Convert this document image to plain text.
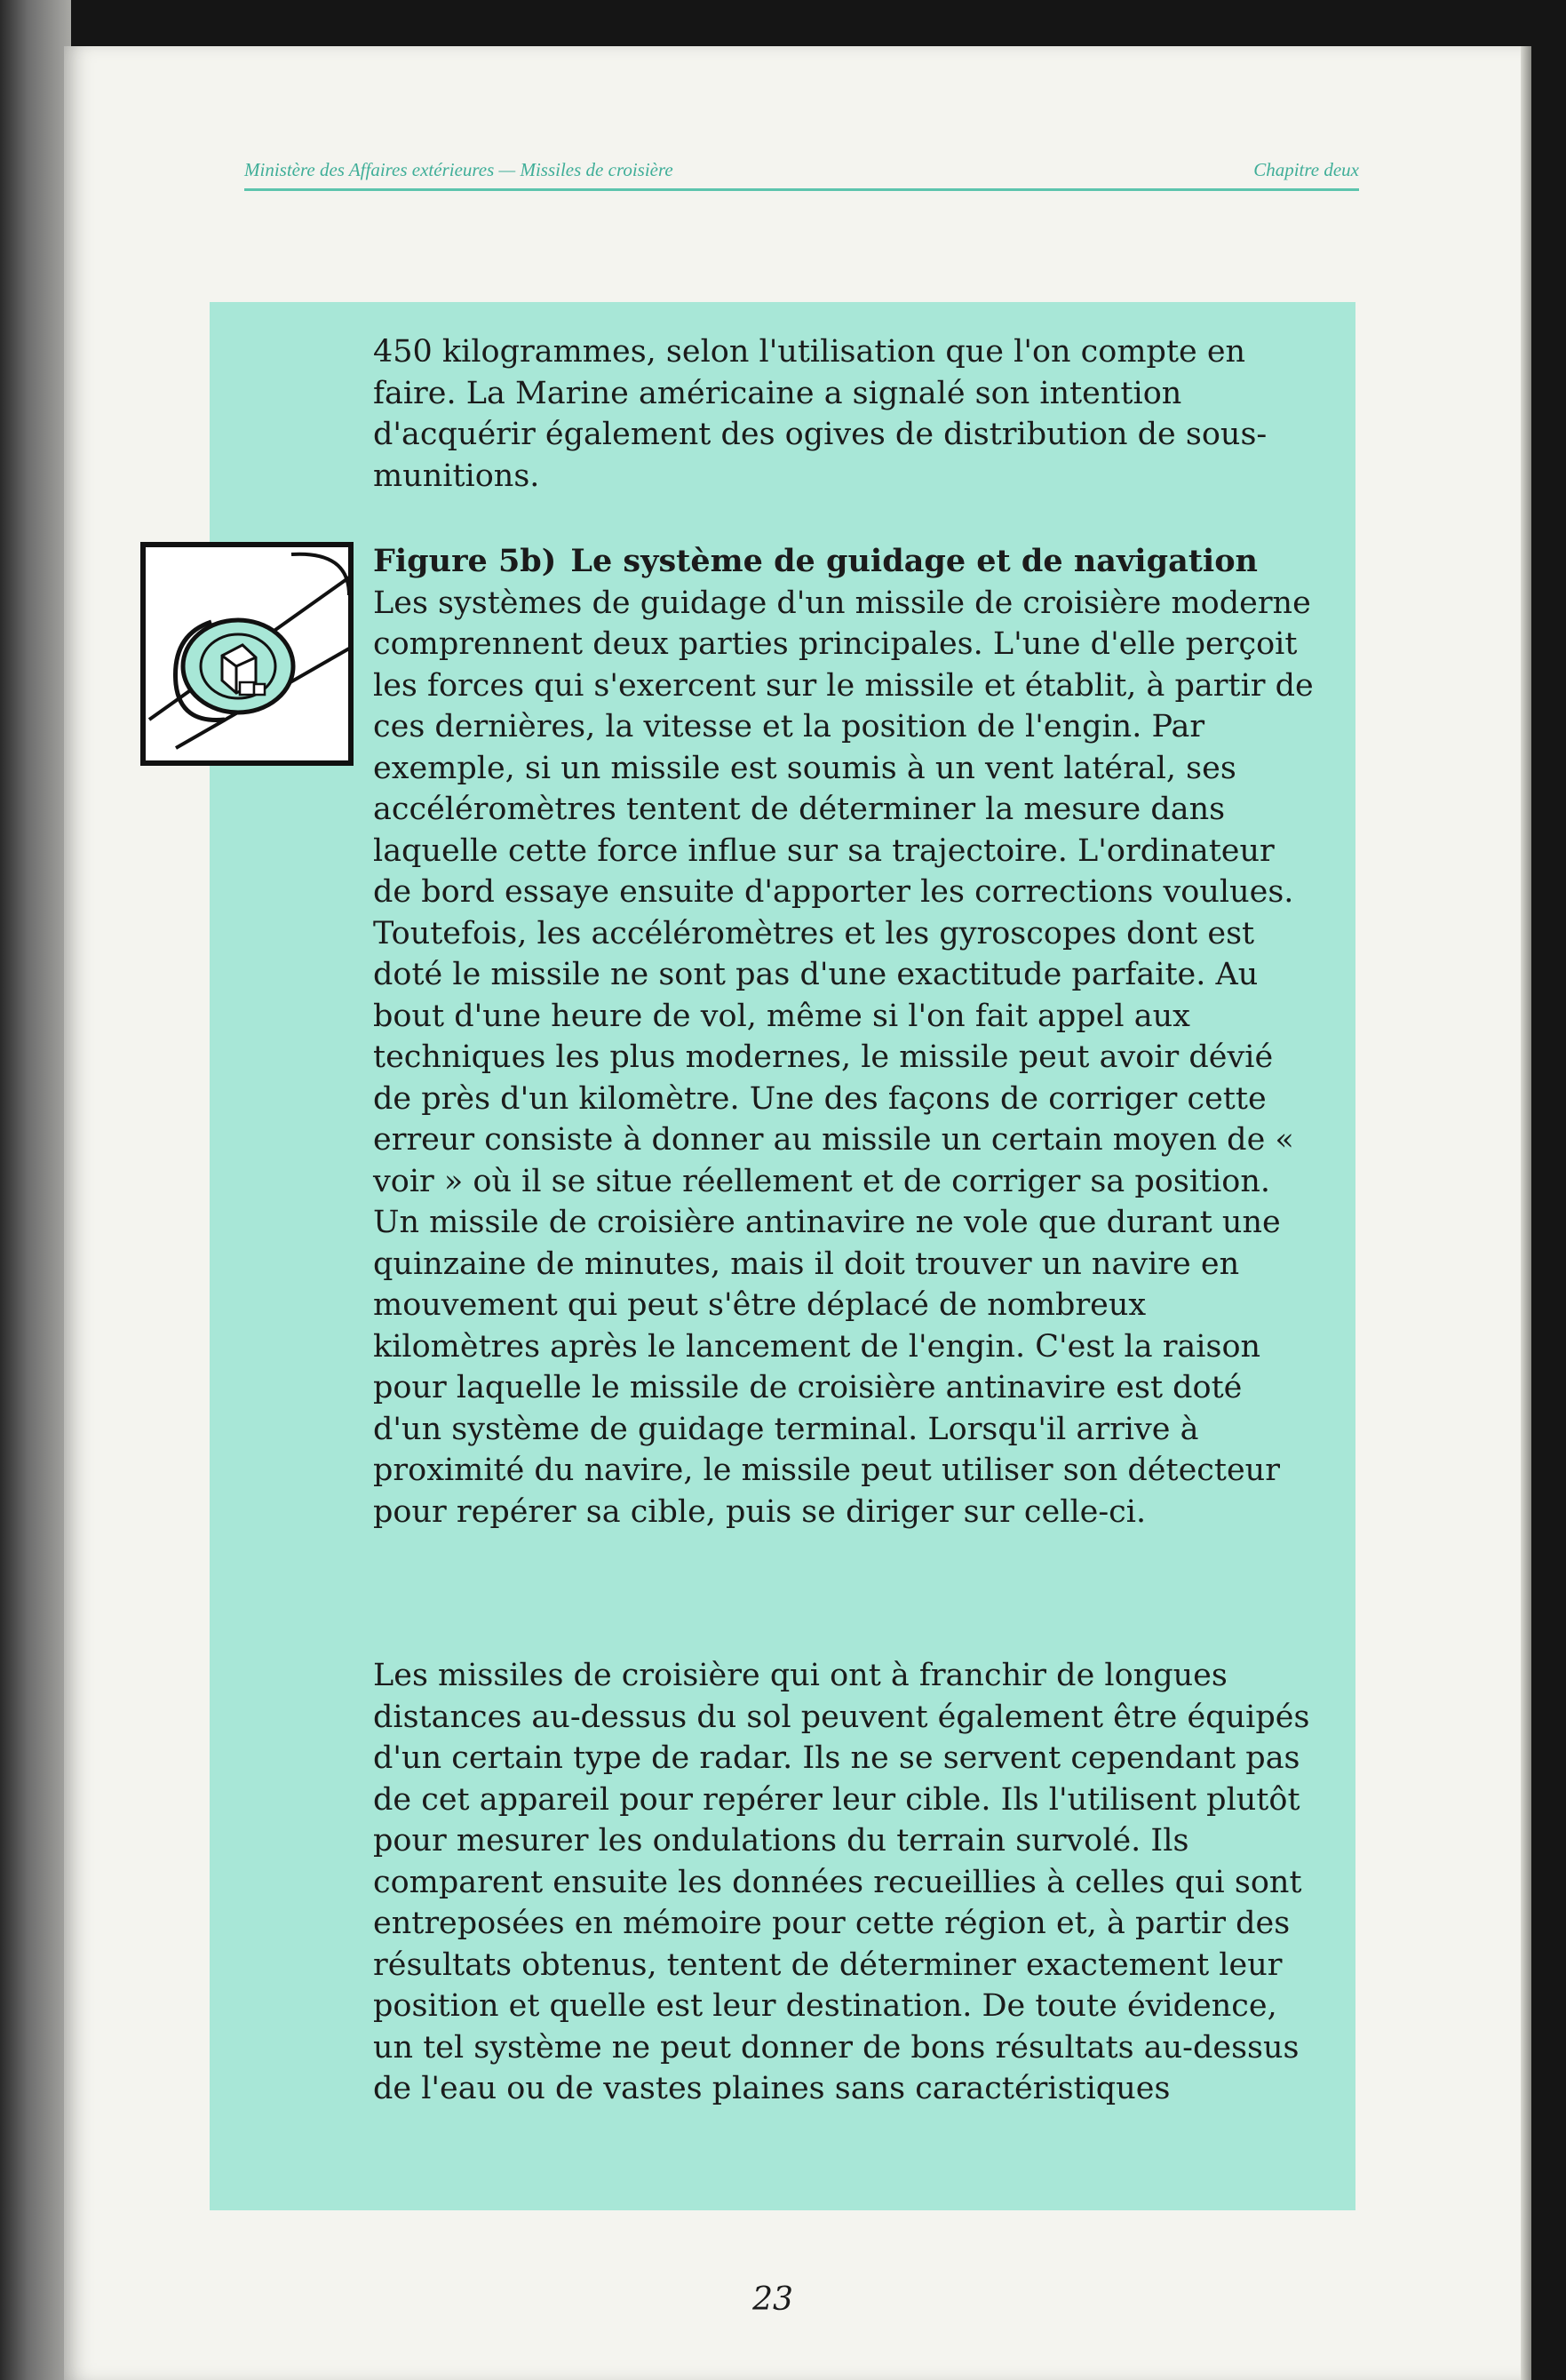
Ministère des Affaires extérieures — Missiles de croisière	Chapitre deux

450 kilogrammes, selon l'utilisation que l'on compte en faire. La Marine américaine a signalé son intention d'acquérir également des ogives de distribution de sous-munitions.

Figure 5b) Le système de guidage et de navigation Les systèmes de guidage d'un missile de croisière moderne comprennent deux parties principales. L'une d'elle perçoit les forces qui s'exercent sur le missile et établit, à partir de ces dernières, la vitesse et la position de l'engin. Par exemple, si un missile est soumis à un vent latéral, ses accéléromètres tentent de déterminer la mesure dans laquelle cette force influe sur sa trajectoire. L'ordinateur de bord essaye ensuite d'apporter les corrections voulues. Toutefois, les accéléromètres et les gyroscopes dont est doté le missile ne sont pas d'une exactitude parfaite. Au bout d'une heure de vol, même si l'on fait appel aux techniques les plus modernes, le missile peut avoir dévié de près d'un kilomètre. Une des façons de corriger cette erreur consiste à donner au missile un certain moyen de « voir » où il se situe réellement et de corriger sa position. Un missile de croisière antinavire ne vole que durant une quinzaine de minutes, mais il doit trouver un navire en mouvement qui peut s'être déplacé de nombreux kilomètres après le lancement de l'engin. C'est la raison pour laquelle le missile de croisière antinavire est doté d'un système de guidage terminal. Lorsqu'il arrive à proximité du navire, le missile peut utiliser son détecteur pour repérer sa cible, puis se diriger sur celle-ci.

Les missiles de croisière qui ont à franchir de longues distances au-dessus du sol peuvent également être équipés d'un certain type de radar. Ils ne se servent cependant pas de cet appareil pour repérer leur cible. Ils l'utilisent plutôt pour mesurer les ondulations du terrain survolé. Ils comparent ensuite les données recueillies à celles qui sont entreposées en mémoire pour cette région et, à partir des résultats obtenus, tentent de déterminer exactement leur position et quelle est leur destination. De toute évidence, un tel système ne peut donner de bons résultats au-dessus de l'eau ou de vastes plaines sans caractéristiques

23
